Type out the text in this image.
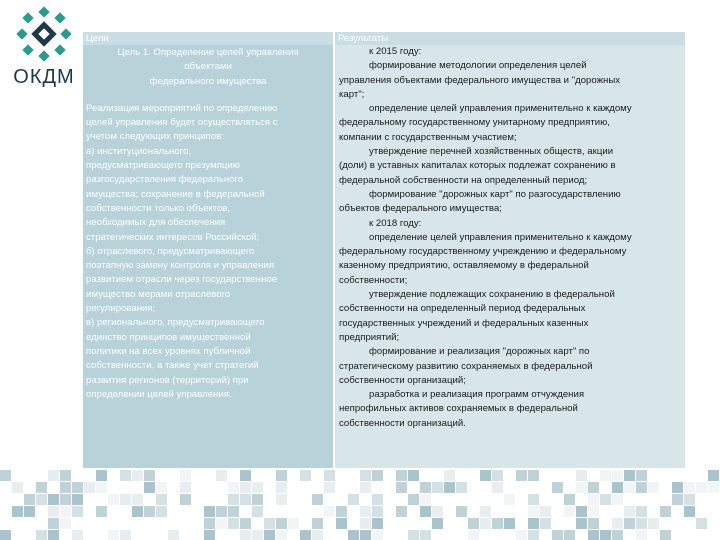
ОКДМ
Цели	Результаты
Цель 1. Определение целей управления
объектами
федерального имущества
Реализация мероприятий по определению
целей управления будет осуществляться с
учетом следующих принципов:
а) институционального,
предусматривающего презумпцию
разгосударствления федерального
имущества; сохранение в федеральной
собственности только объектов,
необходимых для обеспечения
стратегических интересов Российской;
б) отраслевого, предусматривающего
поэтапную замену контроля и управления
развитием отрасли через государственное
имущество мерами отраслевого
регулирования;
в) регионального, предусматривающего
единство принципов имущественной
политики на всех уровнях публичной
собственности, а также учет стратегий
развития регионов (территорий) при
определении целей управления.
к 2015 году:
формирование методологии определения целей
управления объектами федерального имущества и "дорожных
карт";
определение целей управления применительно к каждому
федеральному государственному унитарному предприятию,
компании с государственным участием;
утверждение перечней хозяйственных обществ, акции
(доли) в уставных капиталах которых подлежат сохранению в
федеральной собственности на определенный период;
формирование "дорожных карт" по разгосударствлению
объектов федерального имущества;
к 2018 году:
определение целей управления применительно к каждому
федеральному государственному учреждению и федеральному
казенному предприятию, оставляемому в федеральной
собственности;
утверждение подлежащих сохранению в федеральной
собственности на определенный период федеральных
государственных учреждений и федеральных казенных
предприятий;
формирование и реализация "дорожных карт" по
стратегическому развитию сохраняемых в федеральной
собственности организаций;
разработка и реализация программ отчуждения
непрофильных активов сохраняемых в федеральной
собственности организаций.
